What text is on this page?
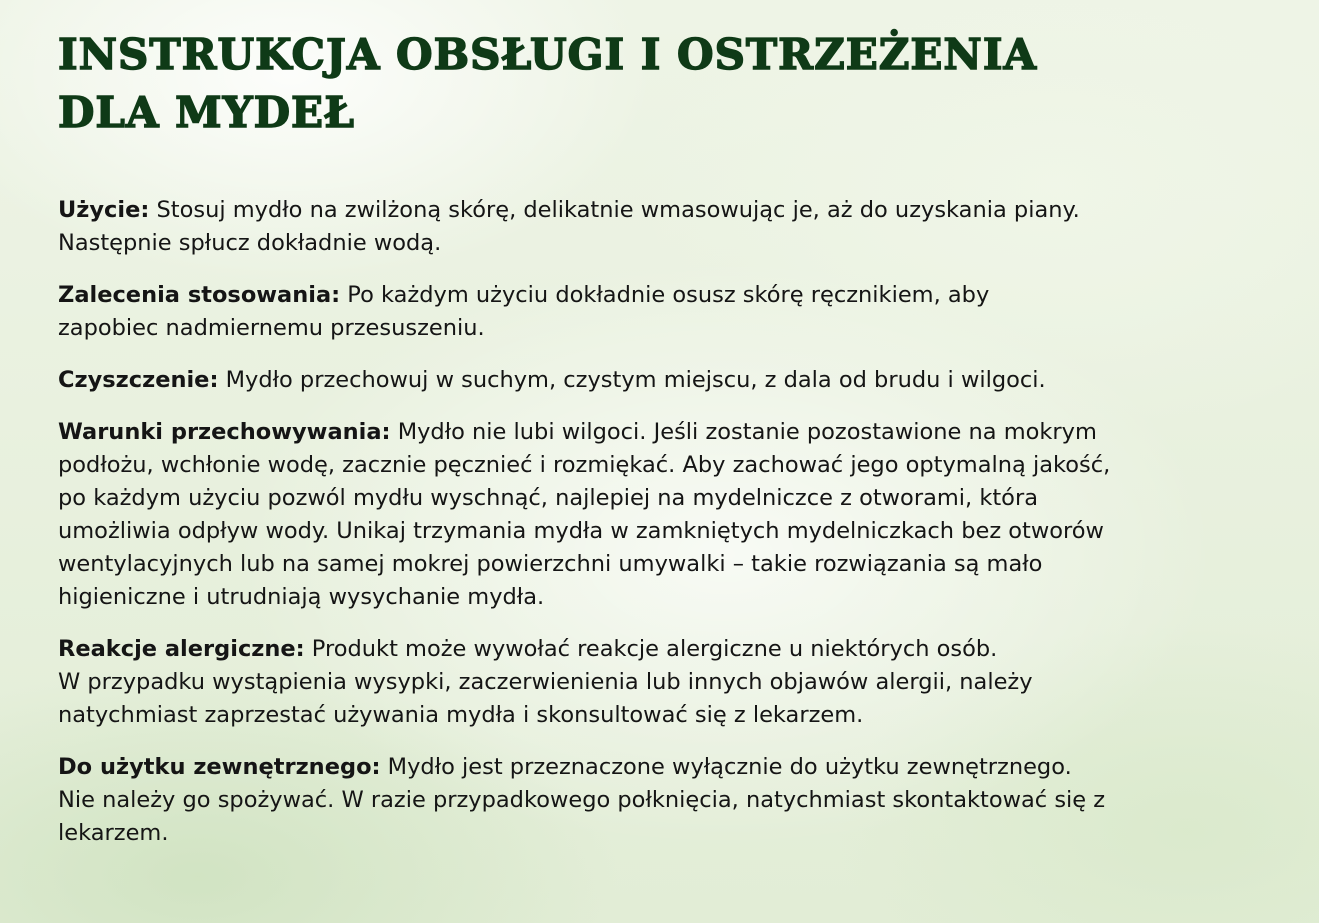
INSTRUKCJA OBSŁUGI I OSTRZEŻENIA
DLA MYDEŁ

Użycie: Stosuj mydło na zwilżoną skórę, delikatnie wmasowując je, aż do uzyskania piany.
Następnie spłucz dokładnie wodą.

Zalecenia stosowania: Po każdym użyciu dokładnie osusz skórę ręcznikiem, aby
zapobiec nadmiernemu przesuszeniu.

Czyszczenie: Mydło przechowuj w suchym, czystym miejscu, z dala od brudu i wilgoci.

Warunki przechowywania: Mydło nie lubi wilgoci. Jeśli zostanie pozostawione na mokrym
podłożu, wchłonie wodę, zacznie pęcznieć i rozmiękać. Aby zachować jego optymalną jakość,
po każdym użyciu pozwól mydłu wyschnąć, najlepiej na mydelniczce z otworami, która
umożliwia odpływ wody. Unikaj trzymania mydła w zamkniętych mydelniczkach bez otworów
wentylacyjnych lub na samej mokrej powierzchni umywalki – takie rozwiązania są mało
higieniczne i utrudniają wysychanie mydła.

Reakcje alergiczne: Produkt może wywołać reakcje alergiczne u niektórych osób.
W przypadku wystąpienia wysypki, zaczerwienienia lub innych objawów alergii, należy
natychmiast zaprzestać używania mydła i skonsultować się z lekarzem.

Do użytku zewnętrznego: Mydło jest przeznaczone wyłącznie do użytku zewnętrznego.
Nie należy go spożywać. W razie przypadkowego połknięcia, natychmiast skontaktować się z
lekarzem.
